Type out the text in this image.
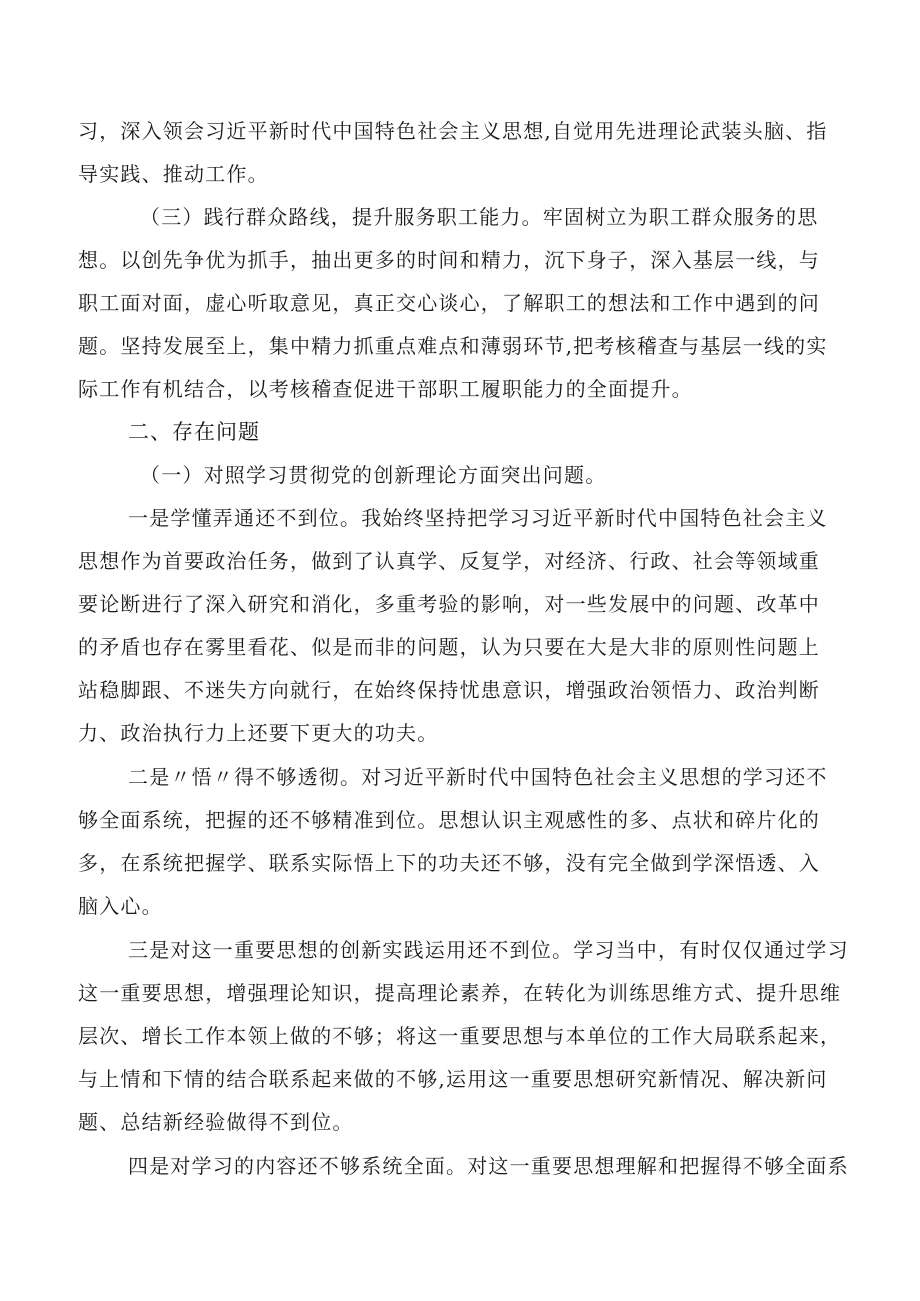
习，深入领会习近平新时代中国特色社会主义思想,自觉用先进理论武装头脑、指
导实践、推动工作。
（三）践行群众路线，提升服务职工能力。牢固树立为职工群众服务的思
想。以创先争优为抓手，抽出更多的时间和精力，沉下身子，深入基层一线，与
职工面对面，虚心听取意见，真正交心谈心，了解职工的想法和工作中遇到的问
题。坚持发展至上，集中精力抓重点难点和薄弱环节,把考核稽查与基层一线的实
际工作有机结合，以考核稽查促进干部职工履职能力的全面提升。
二、存在问题
（一）对照学习贯彻党的创新理论方面突出问题。
一是学懂弄通还不到位。我始终坚持把学习习近平新时代中国特色社会主义
思想作为首要政治任务，做到了认真学、反复学，对经济、行政、社会等领域重
要论断进行了深入研究和消化，多重考验的影响，对一些发展中的问题、改革中
的矛盾也存在雾里看花、似是而非的问题，认为只要在大是大非的原则性问题上
站稳脚跟、不迷失方向就行，在始终保持忧患意识，增强政治领悟力、政治判断
力、政治执行力上还要下更大的功夫。
二是〃悟〃得不够透彻。对习近平新时代中国特色社会主义思想的学习还不
够全面系统，把握的还不够精准到位。思想认识主观感性的多、点状和碎片化的
多，在系统把握学、联系实际悟上下的功夫还不够，没有完全做到学深悟透、入
脑入心。
三是对这一重要思想的创新实践运用还不到位。学习当中，有时仅仅通过学习
这一重要思想，增强理论知识，提高理论素养，在转化为训练思维方式、提升思维
层次、增长工作本领上做的不够；将这一重要思想与本单位的工作大局联系起来，
与上情和下情的结合联系起来做的不够,运用这一重要思想研究新情况、解决新问
题、总结新经验做得不到位。
四是对学习的内容还不够系统全面。对这一重要思想理解和把握得不够全面系
